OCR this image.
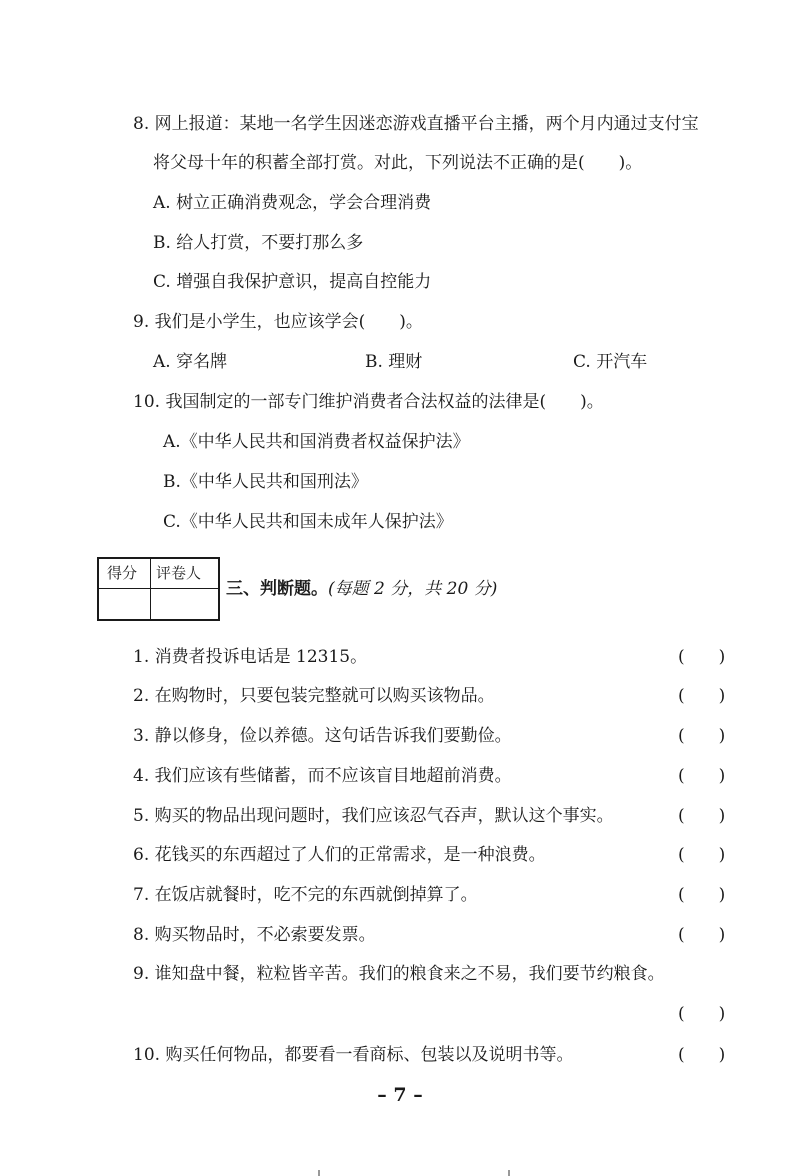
8. 网上报道：某地一名学生因迷恋游戏直播平台主播，两个月内通过支付宝
将父母十年的积蓄全部打赏。对此，下列说法不正确的是(　　)。
A. 树立正确消费观念，学会合理消费
B. 给人打赏，不要打那么多
C. 增强自我保护意识，提高自控能力
9. 我们是小学生，也应该学会(　　)。
A. 穿名牌	B. 理财	C. 开汽车
10. 我国制定的一部专门维护消费者合法权益的法律是(　　)。
A.《中华人民共和国消费者权益保护法》
B.《中华人民共和国刑法》
C.《中华人民共和国未成年人保护法》
得分 评卷人
三、判断题。(每题 2 分，共 20 分)
1. 消费者投诉电话是 12315。	(　　)
2. 在购物时，只要包装完整就可以购买该物品。	(　　)
3. 静以修身，俭以养德。这句话告诉我们要勤俭。	(　　)
4. 我们应该有些储蓄，而不应该盲目地超前消费。	(　　)
5. 购买的物品出现问题时，我们应该忍气吞声，默认这个事实。	(　　)
6. 花钱买的东西超过了人们的正常需求，是一种浪费。	(　　)
7. 在饭店就餐时，吃不完的东西就倒掉算了。	(　　)
8. 购买物品时，不必索要发票。	(　　)
9. 谁知盘中餐，粒粒皆辛苦。我们的粮食来之不易，我们要节约粮食。
(　　)
10. 购买任何物品，都要看一看商标、包装以及说明书等。	(　　)
– 7 –
